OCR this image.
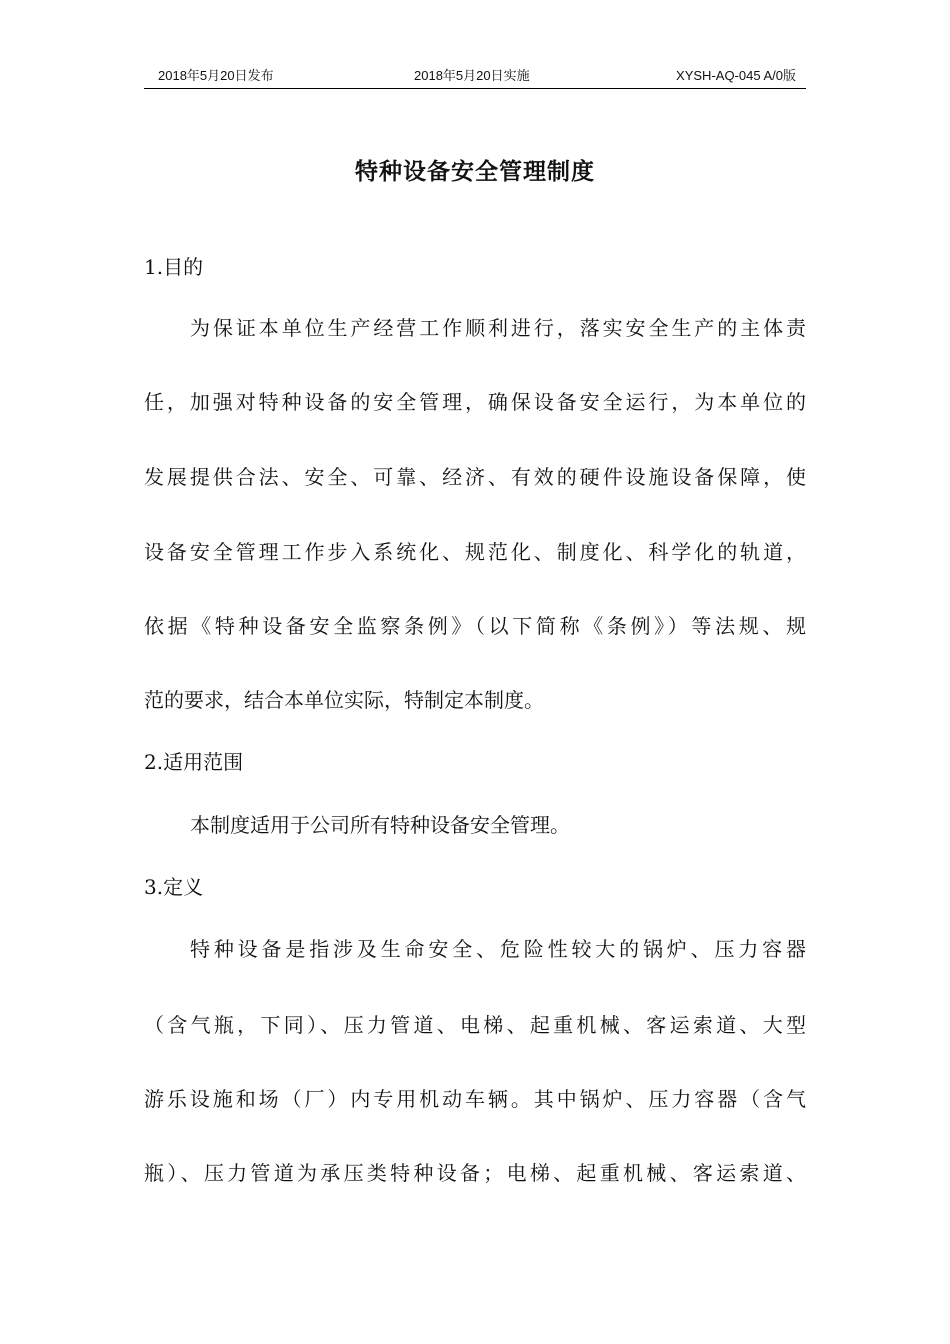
2018年5月20日发布	2018年5月20日实施	XYSH-AQ-045 A/0版
特种设备安全管理制度
1.目的
为保证本单位生产经营工作顺利进行，落实安全生产的主体责
任，加强对特种设备的安全管理，确保设备安全运行，为本单位的
发展提供合法、安全、可靠、经济、有效的硬件设施设备保障，使
设备安全管理工作步入系统化、规范化、制度化、科学化的轨道，
依据《特种设备安全监察条例》（以下简称《条例》）等法规、规
范的要求，结合本单位实际，特制定本制度。
2.适用范围
本制度适用于公司所有特种设备安全管理。
3.定义
特种设备是指涉及生命安全、危险性较大的锅炉、压力容器
（含气瓶，下同）、压力管道、电梯、起重机械、客运索道、大型
游乐设施和场（厂）内专用机动车辆。其中锅炉、压力容器（含气
瓶）、压力管道为承压类特种设备；电梯、起重机械、客运索道、
